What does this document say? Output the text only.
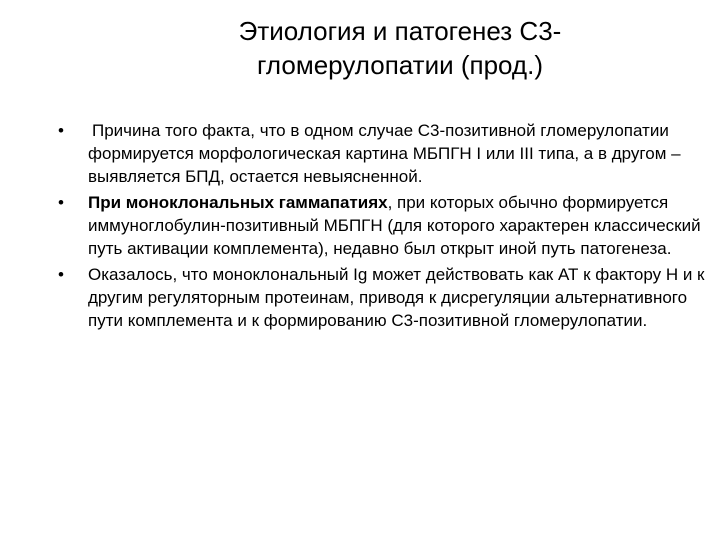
Этиология и патогенез С3-
гломерулопатии (прод.)
•	Причина того факта, что в одном случае С3-позитивной гломерулопатии формируется морфологическая картина МБПГН I или III типа, а в другом – выявляется БПД, остается невыясненной.
•	При моноклональных гаммапатиях, при которых обычно формируется иммуноглобулин-позитивный МБПГН (для которого характерен классический путь активации комплемента), недавно был открыт иной путь патогенеза.
•	Оказалось, что моноклональный Ig может действовать как АТ к фактору Н и к другим регуляторным протеинам, приводя к дисрегуляции альтернативного пути комплемента и к формированию С3-позитивной гломерулопатии.
